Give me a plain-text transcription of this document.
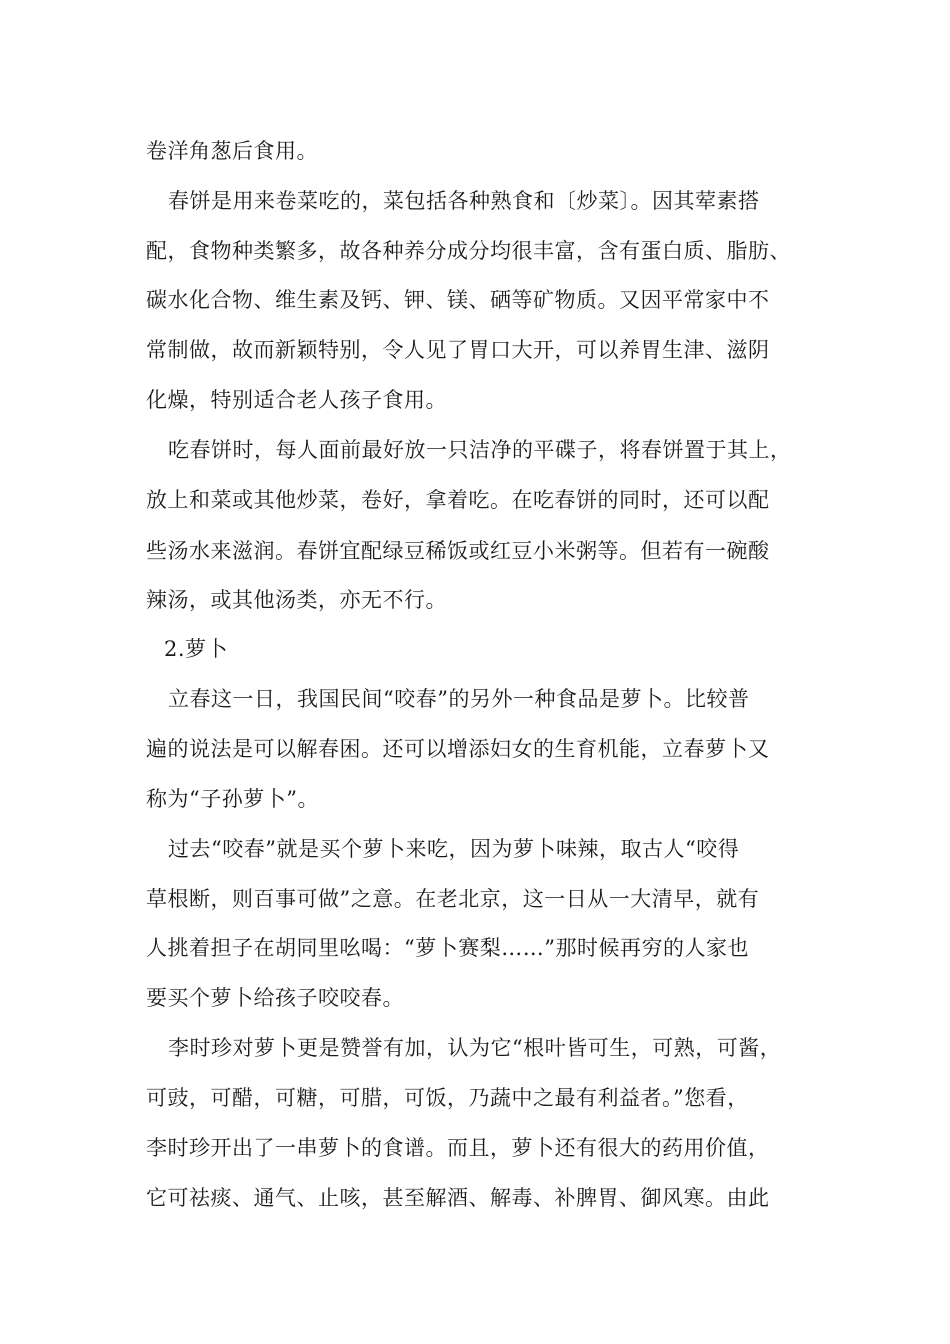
卷洋角葱后食用。
春饼是用来卷菜吃的，菜包括各种熟食和〔炒菜〕。因其荤素搭
配，食物种类繁多，故各种养分成分均很丰富，含有蛋白质、脂肪、
碳水化合物、维生素及钙、钾、镁、硒等矿物质。又因平常家中不
常制做，故而新颖特别，令人见了胃口大开，可以养胃生津、滋阴
化燥，特别适合老人孩子食用。
吃春饼时，每人面前最好放一只洁净的平碟子，将春饼置于其上，
放上和菜或其他炒菜，卷好，拿着吃。在吃春饼的同时，还可以配
些汤水来滋润。春饼宜配绿豆稀饭或红豆小米粥等。但若有一碗酸
辣汤，或其他汤类，亦无不行。
2.萝卜
立春这一日，我国民间“咬春”的另外一种食品是萝卜。比较普
遍的说法是可以解春困。还可以增添妇女的生育机能，立春萝卜又
称为“子孙萝卜”。
过去“咬春”就是买个萝卜来吃，因为萝卜味辣，取古人“咬得
草根断，则百事可做”之意。在老北京，这一日从一大清早，就有
人挑着担子在胡同里吆喝：“萝卜赛梨……”那时候再穷的人家也
要买个萝卜给孩子咬咬春。
李时珍对萝卜更是赞誉有加，认为它“根叶皆可生，可熟，可酱，
可豉，可醋，可糖，可腊，可饭，乃蔬中之最有利益者。”您看，
李时珍开出了一串萝卜的食谱。而且，萝卜还有很大的药用价值，
它可祛痰、通气、止咳，甚至解酒、解毒、补脾胃、御风寒。由此
